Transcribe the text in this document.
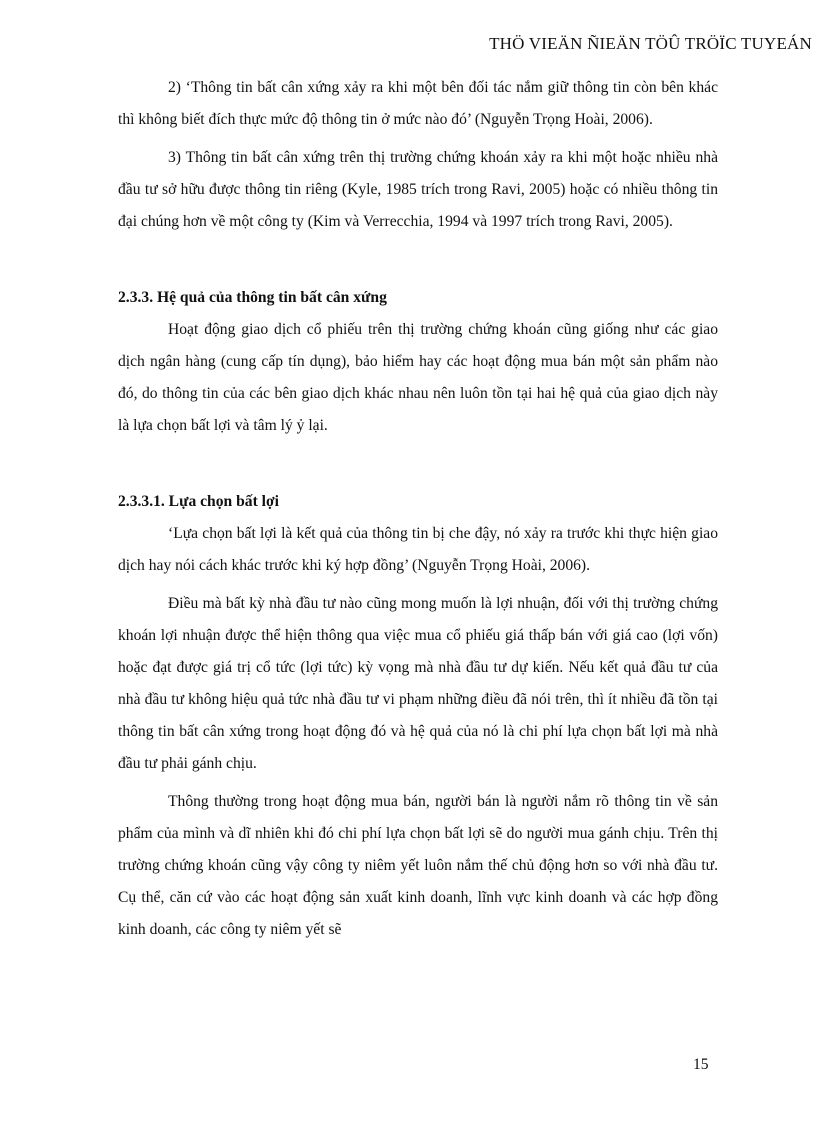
THÖ VIEÄN ÑIEÄN TÖÛ TRÖÏC TUYEÁN

2) ‘Thông tin bất cân xứng xảy ra khi một bên đối tác nắm giữ thông tin còn bên khác thì không biết đích thực mức độ thông tin ở mức nào đó’ (Nguyễn Trọng Hoài, 2006).

3) Thông tin bất cân xứng trên thị trường chứng khoán xảy ra khi một hoặc nhiều nhà đầu tư sở hữu được thông tin riêng (Kyle, 1985 trích trong Ravi, 2005) hoặc có nhiều thông tin đại chúng hơn về một công ty (Kim và Verrecchia, 1994 và 1997 trích trong Ravi, 2005).

2.3.3. Hệ quả của thông tin bất cân xứng

Hoạt động giao dịch cổ phiếu trên thị trường chứng khoán cũng giống như các giao dịch ngân hàng (cung cấp tín dụng), bảo hiểm hay các hoạt động mua bán một sản phẩm nào đó, do thông tin của các bên giao dịch khác nhau nên luôn tồn tại hai hệ quả của giao dịch này là lựa chọn bất lợi và tâm lý ỷ lại.

2.3.3.1. Lựa chọn bất lợi

‘Lựa chọn bất lợi là kết quả của thông tin bị che đậy, nó xảy ra trước khi thực hiện giao dịch hay nói cách khác trước khi ký hợp đồng’ (Nguyễn Trọng Hoài, 2006).

Điều mà bất kỳ nhà đầu tư nào cũng mong muốn là lợi nhuận, đối với thị trường chứng khoán lợi nhuận được thể hiện thông qua việc mua cổ phiếu giá thấp bán với giá cao (lợi vốn) hoặc đạt được giá trị cổ tức (lợi tức) kỳ vọng mà nhà đầu tư dự kiến. Nếu kết quả đầu tư của nhà đầu tư không hiệu quả tức nhà đầu tư vi phạm những điều đã nói trên, thì ít nhiều đã tồn tại thông tin bất cân xứng trong hoạt động đó và hệ quả của nó là chi phí lựa chọn bất lợi mà nhà đầu tư phải gánh chịu.

Thông thường trong hoạt động mua bán, người bán là người nắm rõ thông tin về sản phẩm của mình và dĩ nhiên khi đó chi phí lựa chọn bất lợi sẽ do người mua gánh chịu. Trên thị trường chứng khoán cũng vậy công ty niêm yết luôn nắm thế chủ động hơn so với nhà đầu tư. Cụ thể, căn cứ vào các hoạt động sản xuất kinh doanh, lĩnh vực kinh doanh và các hợp đồng kinh doanh, các công ty niêm yết sẽ

15
